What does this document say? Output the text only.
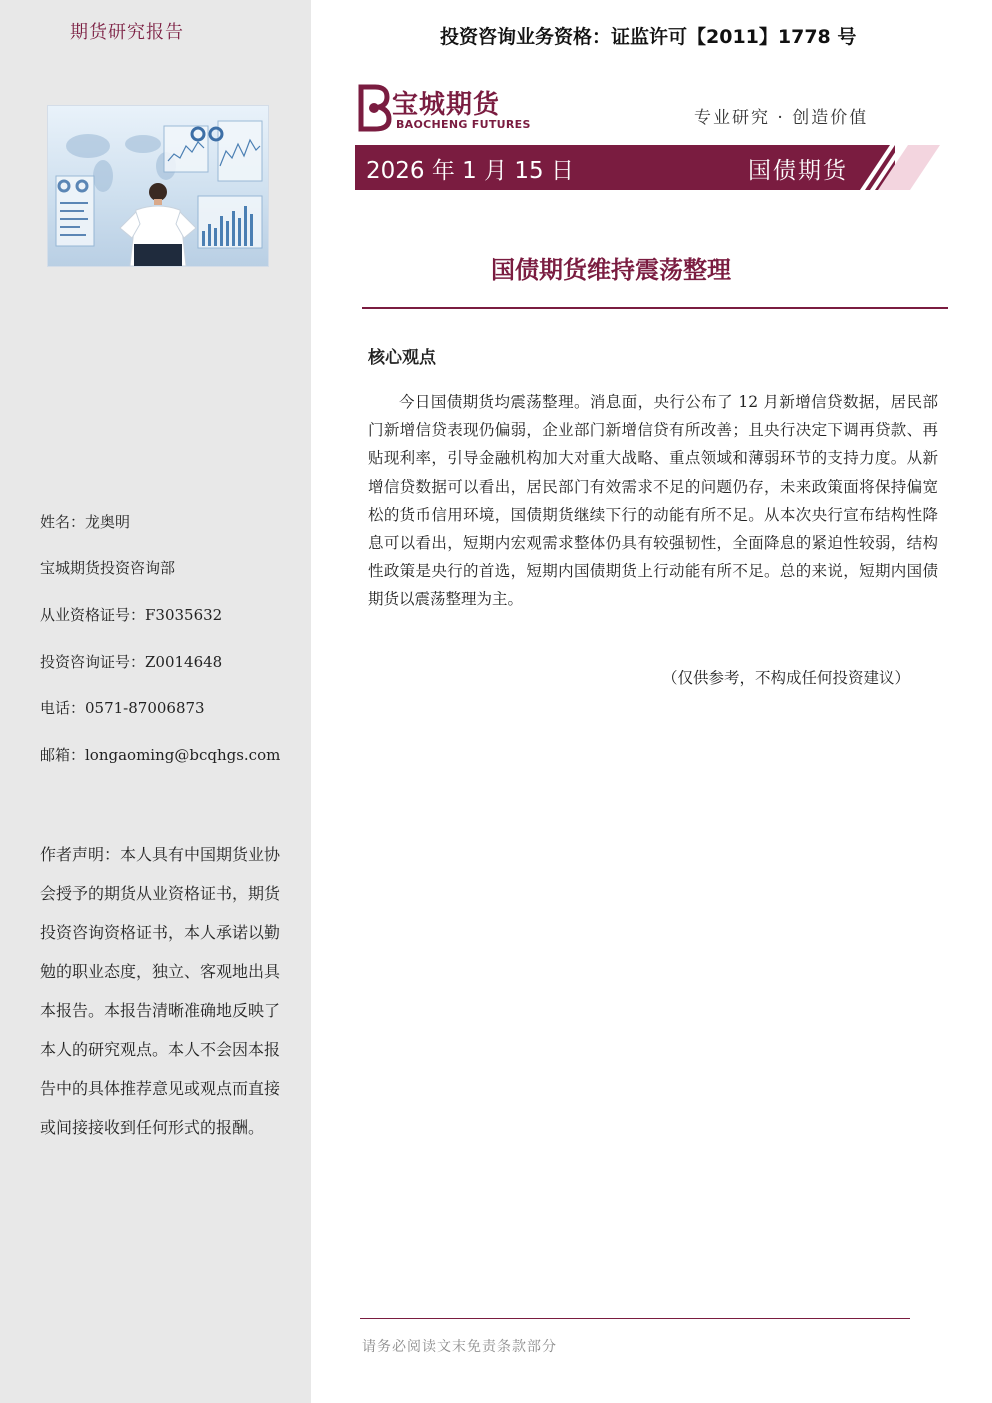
期货研究报告
姓名：龙奥明
宝城期货投资咨询部
从业资格证号：F3035632
投资咨询证号：Z0014648
电话：0571-87006873
邮箱：longaoming@bcqhgs.com
作者声明：本人具有中国期货业协会授予的期货从业资格证书，期货投资咨询资格证书，本人承诺以勤勉的职业态度，独立、客观地出具本报告。本报告清晰准确地反映了本人的研究观点。本人不会因本报告中的具体推荐意见或观点而直接或间接接收到任何形式的报酬。
投资咨询业务资格：证监许可【2011】1778 号
宝城期货
BAOCHENG FUTURES	专业研究 · 创造价值
2026 年 1 月 15 日	国债期货
国债期货维持震荡整理
核心观点
今日国债期货均震荡整理。消息面，央行公布了 12 月新增信贷数据，居民部门新增信贷表现仍偏弱，企业部门新增信贷有所改善；且央行决定下调再贷款、再贴现利率，引导金融机构加大对重大战略、重点领域和薄弱环节的支持力度。从新增信贷数据可以看出，居民部门有效需求不足的问题仍存，未来政策面将保持偏宽松的货币信用环境，国债期货继续下行的动能有所不足。从本次央行宣布结构性降息可以看出，短期内宏观需求整体仍具有较强韧性，全面降息的紧迫性较弱，结构性政策是央行的首选，短期内国债期货上行动能有所不足。总的来说，短期内国债期货以震荡整理为主。
（仅供参考，不构成任何投资建议）
请务必阅读文末免责条款部分
